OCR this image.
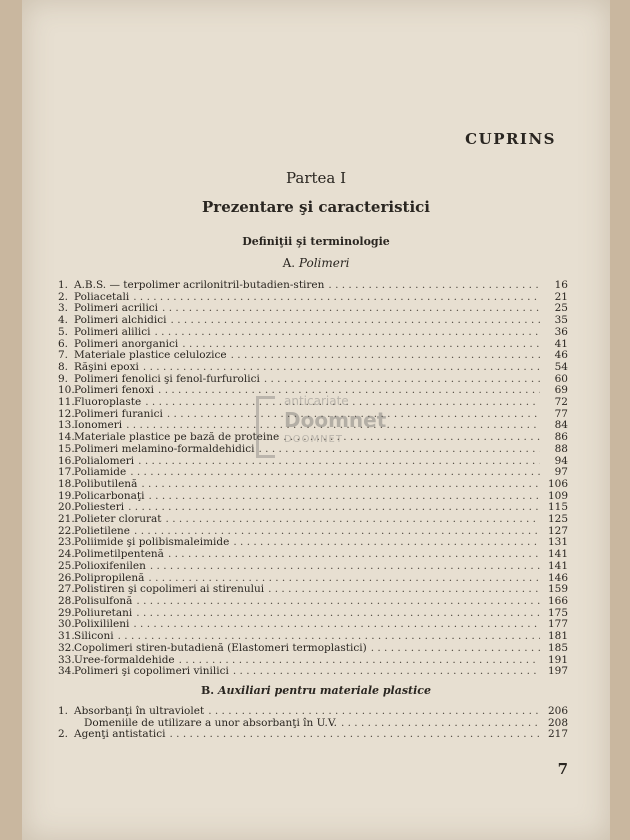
CUPRINS
Partea I
Prezentare şi caracteristici
Definiţii şi terminologie
A. Polimeri
1. A.B.S. — terpolimer acrilonitril-butadien-stiren . . .	16
2. Poliacetali . . .	21
3. Polimeri acrilici . . .	25
4. Polimeri alchidici . . .	35
5. Polimeri alilici . . .	36
6. Polimeri anorganici . . .	41
7. Materiale plastice celulozice . . .	46
8. Răşini epoxi . . .	54
9. Polimeri fenolici şi fenol-furfurolici . . .	60
10. Polimeri fenoxi . . .	69
11. Fluoroplaste . . .	72
12. Polimeri furanici . . .	77
13. Ionomeri . . .	84
14. Materiale plastice pe bază de proteine . . .	86
15. Polimeri melamino-formaldehidici . . .	88
16. Polialomeri . . .	94
17. Poliamide . . .	97
18. Polibutilenă . . .	106
19. Policarbonaţi . . .	109
20. Poliesteri . . .	115
21. Polieter clorurat . . .	125
22. Polietilene . . .	127
23. Poliimide şi polibismaleimide . . .	131
24. Polimetilpentenă . . .	141
25. Polioxifenilen . . .	141
26. Polipropilenă . . .	146
27. Polistiren şi copolimeri ai stirenului . . .	159
28. Polisulfonă . . .	166
29. Poliuretani . . .	175
30. Polixilileni . . .	177
31. Siliconi . . .	181
32. Copolimeri stiren-butadienă (Elastomeri termoplastici) . . .	185
33. Uree-formaldehide . . .	191
34. Polimeri şi copolimeri vinilici . . .	197
B. Auxiliari pentru materiale plastice
1. Absorbanţi în ultraviolet . . .	206
Domeniile de utilizare a unor absorbanţi în U.V. . . .	208
2. Agenţi antistatici . . .	217
7
anticariate
Doomnet
DOOMNET
